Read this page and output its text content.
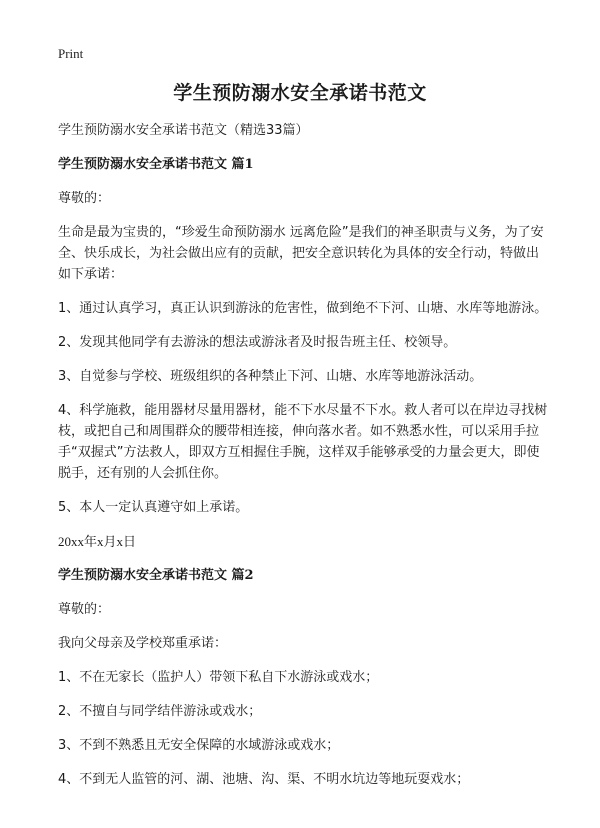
Print
学生预防溺水安全承诺书范文

学生预防溺水安全承诺书范文（精选33篇）

学生预防溺水安全承诺书范文 篇1

尊敬的：

生命是最为宝贵的，“珍爱生命预防溺水 远离危险”是我们的神圣职责与义务，为了安全、快乐成长，为社会做出应有的贡献，把安全意识转化为具体的安全行动，特做出如下承诺：

1、通过认真学习，真正认识到游泳的危害性，做到绝不下河、山塘、水库等地游泳。

2、发现其他同学有去游泳的想法或游泳者及时报告班主任、校领导。

3、自觉参与学校、班级组织的各种禁止下河、山塘、水库等地游泳活动。

4、科学施救，能用器材尽量用器材，能不下水尽量不下水。救人者可以在岸边寻找树枝，或把自己和周围群众的腰带相连接，伸向落水者。如不熟悉水性，可以采用手拉手“双握式”方法救人，即双方互相握住手腕，这样双手能够承受的力量会更大，即使脱手，还有别的人会抓住你。

5、本人一定认真遵守如上承诺。

20xx年x月x日

学生预防溺水安全承诺书范文 篇2

尊敬的：

我向父母亲及学校郑重承诺：

1、不在无家长（监护人）带领下私自下水游泳或戏水；

2、不擅自与同学结伴游泳或戏水；

3、不到不熟悉且无安全保障的水域游泳或戏水；

4、不到无人监管的河、湖、池塘、沟、渠、不明水坑边等地玩耍戏水；
